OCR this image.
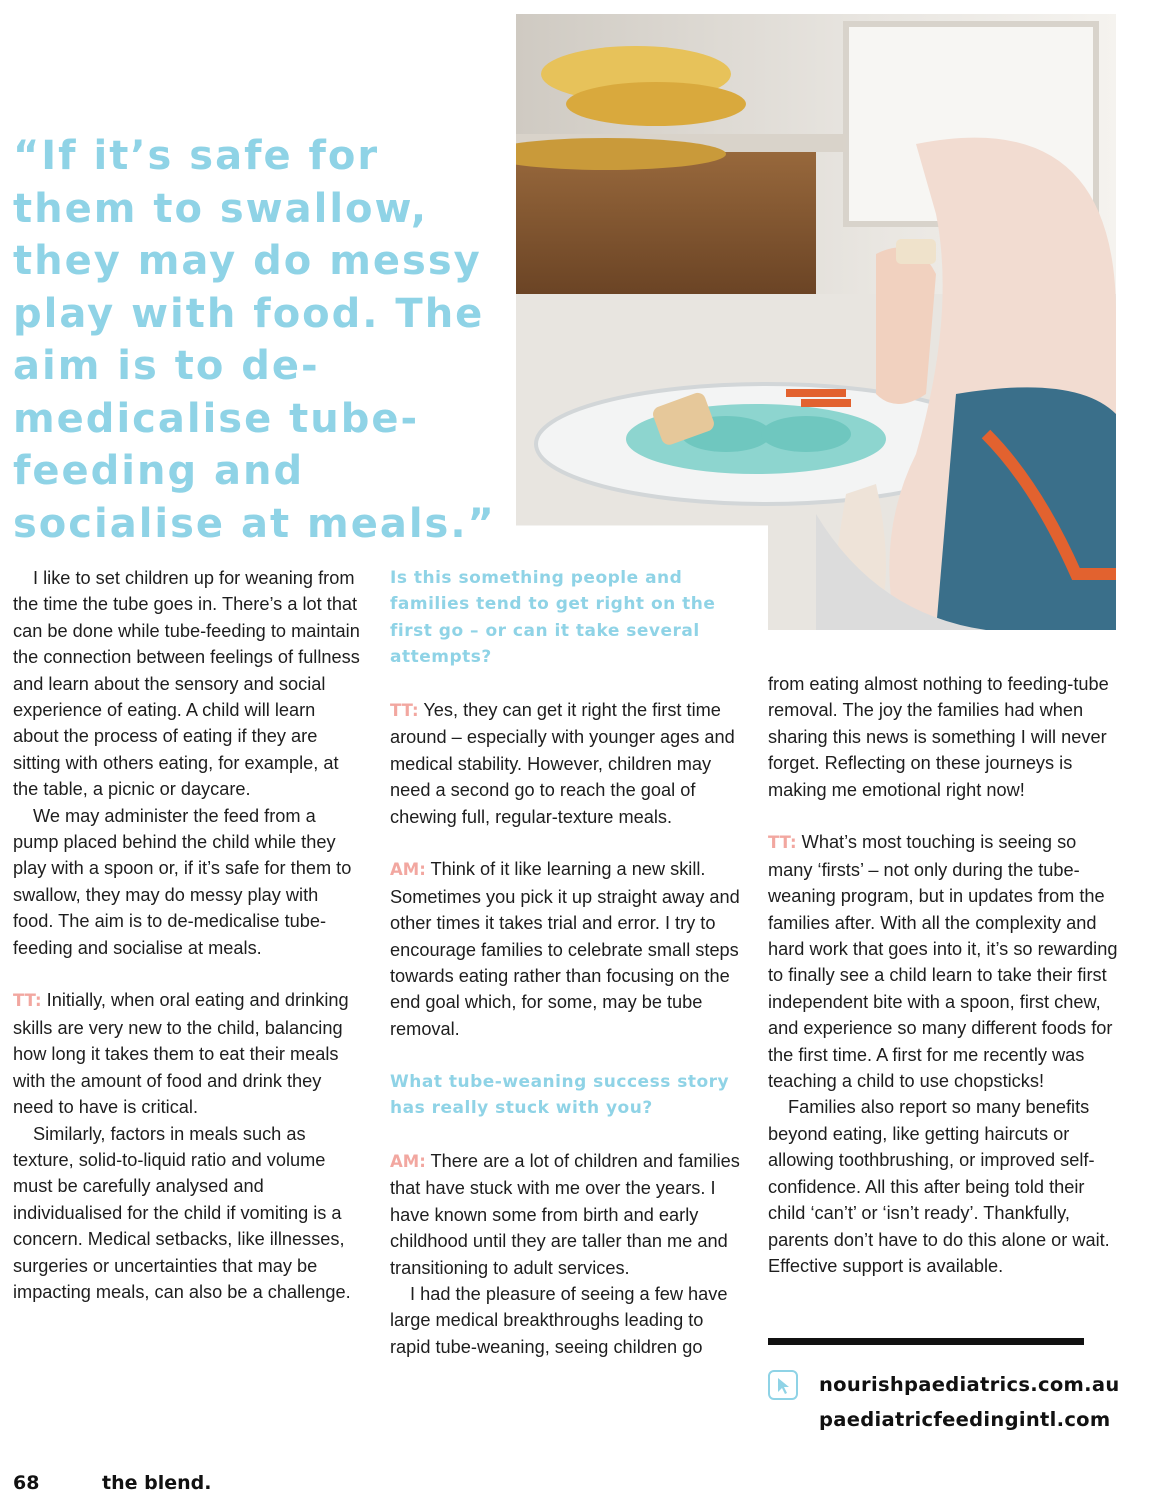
“If it’s safe for them to swallow, they may do messy play with food. The aim is to de-medicalise tube-feeding and socialise at meals.”

I like to set children up for weaning from the time the tube goes in. There’s a lot that can be done while tube-feeding to maintain the connection between feelings of fullness and learn about the sensory and social experience of eating. A child will learn about the process of eating if they are sitting with others eating, for example, at the table, a picnic or daycare.

We may administer the feed from a pump placed behind the child while they play with a spoon or, if it’s safe for them to swallow, they may do messy play with food. The aim is to de-medicalise tube-feeding and socialise at meals.

TT: Initially, when oral eating and drinking skills are very new to the child, balancing how long it takes them to eat their meals with the amount of food and drink they need to have is critical.

Similarly, factors in meals such as texture, solid-to-liquid ratio and volume must be carefully analysed and individualised for the child if vomiting is a concern. Medical setbacks, like illnesses, surgeries or uncertainties that may be impacting meals, can also be a challenge.

Is this something people and families tend to get right on the first go – or can it take several attempts?

TT: Yes, they can get it right the first time around – especially with younger ages and medical stability. However, children may need a second go to reach the goal of chewing full, regular-texture meals.

AM: Think of it like learning a new skill. Sometimes you pick it up straight away and other times it takes trial and error. I try to encourage families to celebrate small steps towards eating rather than focusing on the end goal which, for some, may be tube removal.

What tube-weaning success story has really stuck with you?

AM: There are a lot of children and families that have stuck with me over the years. I have known some from birth and early childhood until they are taller than me and transitioning to adult services.

I had the pleasure of seeing a few have large medical breakthroughs leading to rapid tube-weaning, seeing children go

from eating almost nothing to feeding-tube removal. The joy the families had when sharing this news is something I will never forget. Reflecting on these journeys is making me emotional right now!

TT: What’s most touching is seeing so many ‘firsts’ – not only during the tube-weaning program, but in updates from the families after. With all the complexity and hard work that goes into it, it’s so rewarding to finally see a child learn to take their first independent bite with a spoon, first chew, and experience so many different foods for the first time. A first for me recently was teaching a child to use chopsticks!

Families also report so many benefits beyond eating, like getting haircuts or allowing toothbrushing, or improved self-confidence. All this after being told their child ‘can’t’ or ‘isn’t ready’. Thankfully, parents don’t have to do this alone or wait. Effective support is available.

nourishpaediatrics.com.au
paediatricfeedingintl.com
68	the blend.
